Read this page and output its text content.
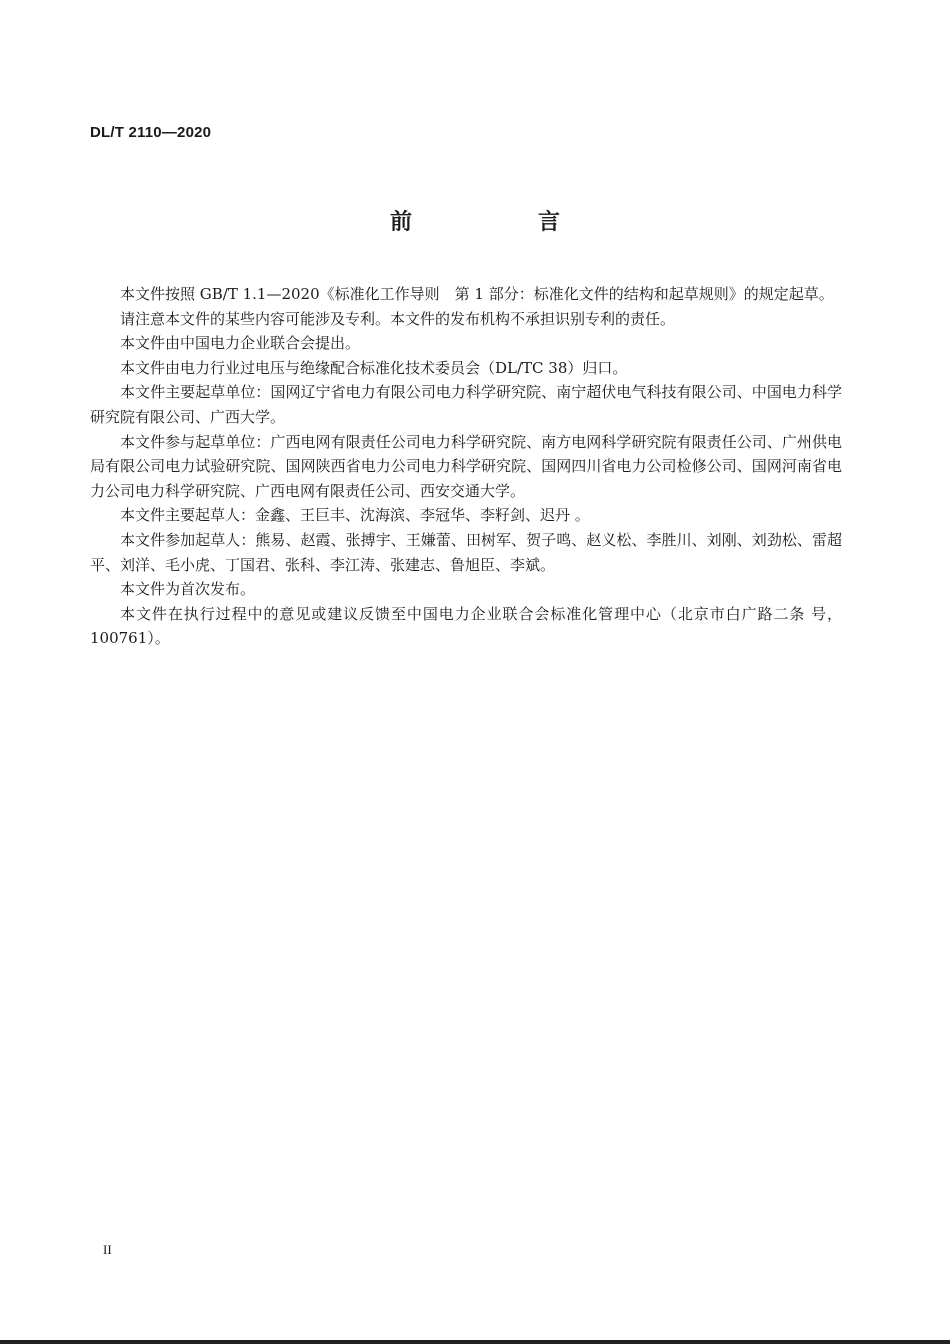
DL/T 2110—2020
前　言

本文件按照 GB/T 1.1—2020《标准化工作导则　第 1 部分：标准化文件的结构和起草规则》的规定起草。

请注意本文件的某些内容可能涉及专利。本文件的发布机构不承担识别专利的责任。

本文件由中国电力企业联合会提出。

本文件由电力行业过电压与绝缘配合标准化技术委员会（DL/TC 38）归口。

本文件主要起草单位：国网辽宁省电力有限公司电力科学研究院、南宁超伏电气科技有限公司、中国电力科学研究院有限公司、广西大学。

本文件参与起草单位：广西电网有限责任公司电力科学研究院、南方电网科学研究院有限责任公司、广州供电局有限公司电力试验研究院、国网陕西省电力公司电力科学研究院、国网四川省电力公司检修公司、国网河南省电力公司电力科学研究院、广西电网有限责任公司、西安交通大学。

本文件主要起草人：金鑫、王巨丰、沈海滨、李冠华、李籽剑、迟丹 。

本文件参加起草人：熊易、赵霞、张搏宇、王嫌蕾、田树军、贺子鸣、赵义松、李胜川、刘刚、刘劲松、雷超平、刘洋、毛小虎、丁国君、张科、李江涛、张建志、鲁旭臣、李斌。

本文件为首次发布。

本文件在执行过程中的意见或建议反馈至中国电力企业联合会标准化管理中心（北京市白广路二条 号，100761）。

II
